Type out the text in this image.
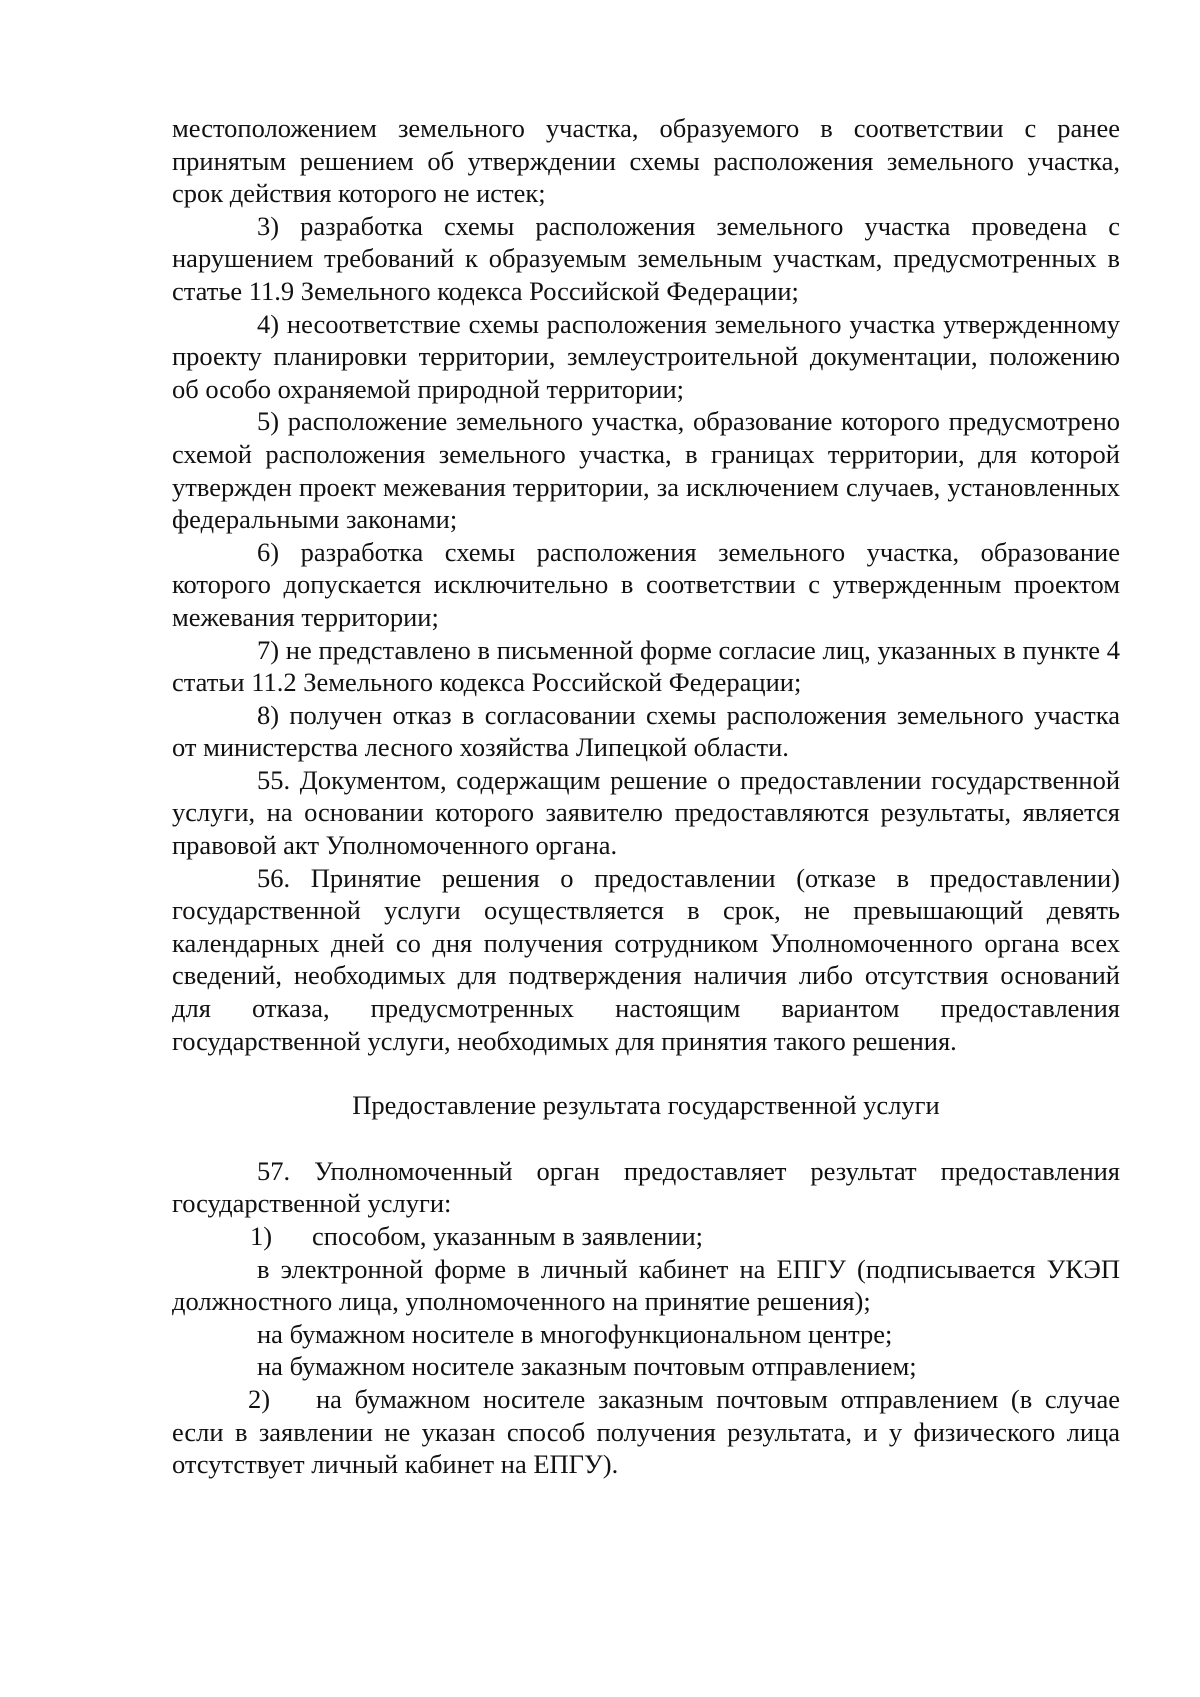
местоположением земельного участка, образуемого в соответствии с ранее принятым решением об утверждении схемы расположения земельного участка, срок действия которого не истек;

3) разработка схемы расположения земельного участка проведена с нарушением требований к образуемым земельным участкам, предусмотренных в статье 11.9 Земельного кодекса Российской Федерации;

4) несоответствие схемы расположения земельного участка утвержденному проекту планировки территории, землеустроительной документации, положению об особо охраняемой природной территории;

5) расположение земельного участка, образование которого предусмотрено схемой расположения земельного участка, в границах территории, для которой утвержден проект межевания территории, за исключением случаев, установленных федеральными законами;

6) разработка схемы расположения земельного участка, образование которого допускается исключительно в соответствии с утвержденным проектом межевания территории;

7) не представлено в письменной форме согласие лиц, указанных в пункте 4 статьи 11.2 Земельного кодекса Российской Федерации;

8) получен отказ в согласовании схемы расположения земельного участка от министерства лесного хозяйства Липецкой области.

55. Документом, содержащим решение о предоставлении государственной услуги, на основании которого заявителю предоставляются результаты, является правовой акт Уполномоченного органа.

56. Принятие решения о предоставлении (отказе в предоставлении) государственной услуги осуществляется в срок, не превышающий девять календарных дней со дня получения сотрудником Уполномоченного органа всех сведений, необходимых для подтверждения наличия либо отсутствия оснований для отказа, предусмотренных настоящим вариантом предоставления государственной услуги, необходимых для принятия такого решения.

Предоставление результата государственной услуги

57. Уполномоченный орган предоставляет результат предоставления государственной услуги:

1) способом, указанным в заявлении;

в электронной форме в личный кабинет на ЕПГУ (подписывается УКЭП должностного лица, уполномоченного на принятие решения);

на бумажном носителе в многофункциональном центре;

на бумажном носителе заказным почтовым отправлением;

2) на бумажном носителе заказным почтовым отправлением (в случае если в заявлении не указан способ получения результата, и у физического лица отсутствует личный кабинет на ЕПГУ).
